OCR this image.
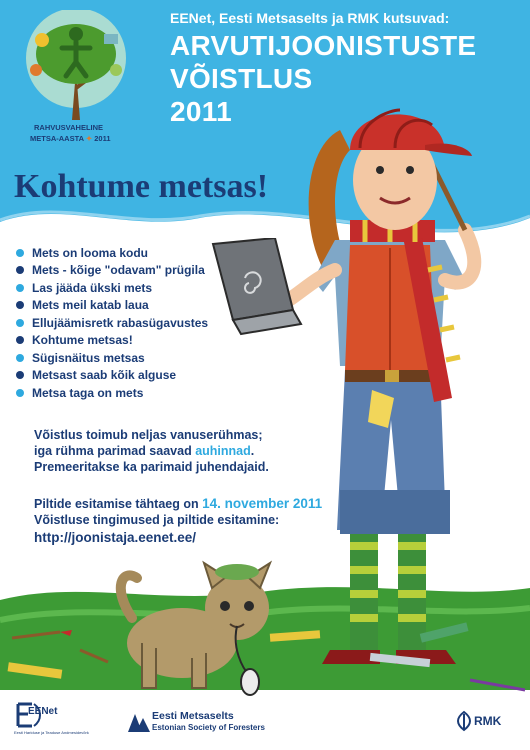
RAHVUSVAHELINE
METSA-AASTA ✦ 2011
EENet, Eesti Metsaselts ja RMK kutsuvad:
ARVUTIJOONISTUSTE
VÕISTLUS
2011
Kohtume metsas!
Mets on looma kodu
Mets - kõige "odavam" prügila
Las jääda ükski mets
Mets meil katab laua
Ellujäämisretk rabasügavustes
Kohtume metsas!
Sügisnäitus metsas
Metsast saab kõik alguse
Metsa taga on mets
Võistlus toimub neljas vanuserühmas;
iga rühma parimad saavad auhinnad.
Premeeritakse ka parimaid juhendajaid.
Piltide esitamise tähtaeg on 14. november 2011
Võistluse tingimused ja piltide esitamine:
http://joonistaja.eenet.ee/
EENet
Eesti Hariduse ja Teaduse Andmesidevõrk
Eesti Metsaselts
Estonian Society of Foresters	RMK
